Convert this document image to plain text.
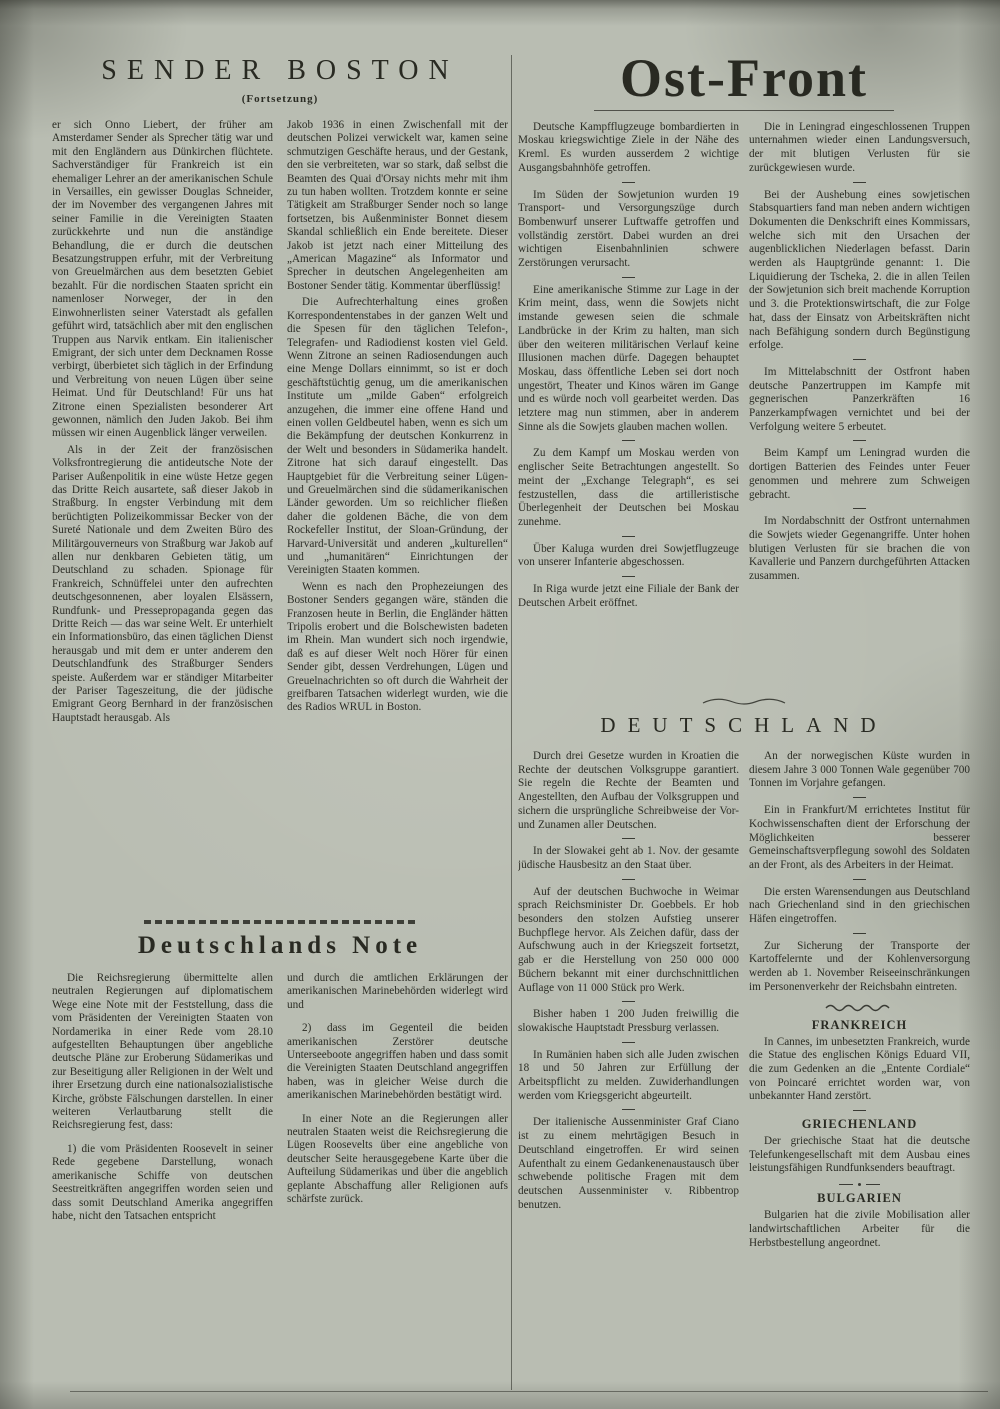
SENDER BOSTON
(Fortsetzung)

er sich Onno Liebert, der früher am Amsterdamer Sender als Sprecher tätig war und mit den Engländern aus Dünkirchen flüchtete. Sachverständiger für Frankreich ist ein ehemaliger Lehrer an der amerikanischen Schule in Versailles, ein gewisser Douglas Schneider, der im November des vergangenen Jahres mit seiner Familie in die Vereinigten Staaten zurückkehrte und nun die anständige Behandlung, die er durch die deutschen Besatzungstruppen erfuhr, mit der Verbreitung von Greuelmärchen aus dem besetzten Gebiet bezahlt. Für die nordischen Staaten spricht ein namenloser Norweger, der in den Einwohnerlisten seiner Vaterstadt als gefallen geführt wird, tatsächlich aber mit den englischen Truppen aus Narvik entkam. Ein italienischer Emigrant, der sich unter dem Decknamen Rosse verbirgt, überbietet sich täglich in der Erfindung und Verbreitung von neuen Lügen über seine Heimat. Und für Deutschland! Für uns hat Zitrone einen Spezialisten besonderer Art gewonnen, nämlich den Juden Jakob. Bei ihm müssen wir einen Augenblick länger verweilen.

Als in der Zeit der französischen Volksfrontregierung die antideutsche Note der Pariser Außenpolitik in eine wüste Hetze gegen das Dritte Reich ausartete, saß dieser Jakob in Straßburg. In engster Verbindung mit dem berüchtigten Polizeikommissar Becker von der Sureté Nationale und dem Zweiten Büro des Militärgouverneurs von Straßburg war Jakob auf allen nur denkbaren Gebieten tätig, um Deutschland zu schaden. Spionage für Frankreich, Schnüffelei unter den aufrechten deutschgesonnenen, aber loyalen Elsässern, Rundfunk- und Pressepropaganda gegen das Dritte Reich — das war seine Welt. Er unterhielt ein Informationsbüro, das einen täglichen Dienst herausgab und mit dem er unter anderem den Deutschlandfunk des Straßburger Senders speiste. Außerdem war er ständiger Mitarbeiter der Pariser Tageszeitung, die der jüdische Emigrant Georg Bernhard in der französischen Hauptstadt herausgab. Als

Jakob 1936 in einen Zwischenfall mit der deutschen Polizei verwickelt war, kamen seine schmutzigen Geschäfte heraus, und der Gestank, den sie verbreiteten, war so stark, daß selbst die Beamten des Quai d'Orsay nichts mehr mit ihm zu tun haben wollten. Trotzdem konnte er seine Tätigkeit am Straßburger Sender noch so lange fortsetzen, bis Außenminister Bonnet diesem Skandal schließlich ein Ende bereitete. Dieser Jakob ist jetzt nach einer Mitteilung des „American Magazine“ als Informator und Sprecher in deutschen Angelegenheiten am Bostoner Sender tätig. Kommentar überflüssig!

Die Aufrechterhaltung eines großen Korrespondentenstabes in der ganzen Welt und die Spesen für den täglichen Telefon-, Telegrafen- und Radiodienst kosten viel Geld. Wenn Zitrone an seinen Radiosendungen auch eine Menge Dollars einnimmt, so ist er doch geschäftstüchtig genug, um die amerikanischen Institute um „milde Gaben“ erfolgreich anzugehen, die immer eine offene Hand und einen vollen Geldbeutel haben, wenn es sich um die Bekämpfung der deutschen Konkurrenz in der Welt und besonders in Südamerika handelt. Zitrone hat sich darauf eingestellt. Das Hauptgebiet für die Verbreitung seiner Lügen- und Greuelmärchen sind die südamerikanischen Länder geworden. Um so reichlicher fließen daher die goldenen Bäche, die von dem Rockefeller Institut, der Sloan-Gründung, der Harvard-Universität und anderen „kulturellen“ und „humanitären“ Einrichtungen der Vereinigten Staaten kommen.

Wenn es nach den Prophezeiungen des Bostoner Senders gegangen wäre, ständen die Franzosen heute in Berlin, die Engländer hätten Tripolis erobert und die Bolschewisten badeten im Rhein. Man wundert sich noch irgendwie, daß es auf dieser Welt noch Hörer für einen Sender gibt, dessen Verdrehungen, Lügen und Greuelnachrichten so oft durch die Wahrheit der greifbaren Tatsachen widerlegt wurden, wie die des Radios WRUL in Boston.

Ost-Front

Deutsche Kampfflugzeuge bombardierten in Moskau kriegswichtige Ziele in der Nähe des Kreml. Es wurden ausserdem 2 wichtige Ausgangsbahnhöfe getroffen.

Im Süden der Sowjetunion wurden 19 Transport- und Versorgungszüge durch Bombenwurf unserer Luftwaffe getroffen und vollständig zerstört. Dabei wurden an drei wichtigen Eisenbahnlinien schwere Zerstörungen verursacht.

Eine amerikanische Stimme zur Lage in der Krim meint, dass, wenn die Sowjets nicht imstande gewesen seien die schmale Landbrücke in der Krim zu halten, man sich über den weiteren militärischen Verlauf keine Illusionen machen dürfe. Dagegen behauptet Moskau, dass öffentliche Leben sei dort noch ungestört, Theater und Kinos wären im Gange und es würde noch voll gearbeitet werden. Das letztere mag nun stimmen, aber in anderem Sinne als die Sowjets glauben machen wollen.

Zu dem Kampf um Moskau werden von englischer Seite Betrachtungen angestellt. So meint der „Exchange Telegraph“, es sei festzustellen, dass die artilleristische Überlegenheit der Deutschen bei Moskau zunehme.

Über Kaluga wurden drei Sowjetflugzeuge von unserer Infanterie abgeschossen.

In Riga wurde jetzt eine Filiale der Bank der Deutschen Arbeit eröffnet.

Die in Leningrad eingeschlossenen Truppen unternahmen wieder einen Landungsversuch, der mit blutigen Verlusten für sie zurückgewiesen wurde.

Bei der Aushebung eines sowjetischen Stabsquartiers fand man neben andern wichtigen Dokumenten die Denkschrift eines Kommissars, welche sich mit den Ursachen der augenblicklichen Niederlagen befasst. Darin werden als Hauptgründe genannt: 1. Die Liquidierung der Tscheka, 2. die in allen Teilen der Sowjetunion sich breit machende Korruption und 3. die Protektionswirtschaft, die zur Folge hat, dass der Einsatz von Arbeitskräften nicht nach Befähigung sondern durch Begünstigung erfolge.

Im Mittelabschnitt der Ostfront haben deutsche Panzertruppen im Kampfe mit gegnerischen Panzerkräften 16 Panzerkampfwagen vernichtet und bei der Verfolgung weitere 5 erbeutet.

Beim Kampf um Leningrad wurden die dortigen Batterien des Feindes unter Feuer genommen und mehrere zum Schweigen gebracht.

Im Nordabschnitt der Ostfront unternahmen die Sowjets wieder Gegenangriffe. Unter hohen blutigen Verlusten für sie brachen die von Kavallerie und Panzern durchgeführten Attacken zusammen.

DEUTSCHLAND

Durch drei Gesetze wurden in Kroatien die Rechte der deutschen Volksgruppe garantiert. Sie regeln die Rechte der Beamten und Angestellten, den Aufbau der Volksgruppen und sichern die ursprüngliche Schreibweise der Vor- und Zunamen aller Deutschen.

In der Slowakei geht ab 1. Nov. der gesamte jüdische Hausbesitz an den Staat über.

Auf der deutschen Buchwoche in Weimar sprach Reichsminister Dr. Goebbels. Er hob besonders den stolzen Aufstieg unserer Buchpflege hervor. Als Zeichen dafür, dass der Aufschwung auch in der Kriegszeit fortsetzt, gab er die Herstellung von 250 000 000 Büchern bekannt mit einer durchschnittlichen Auflage von 11 000 Stück pro Werk.

Bisher haben 1 200 Juden freiwillig die slowakische Hauptstadt Pressburg verlassen.

In Rumänien haben sich alle Juden zwischen 18 und 50 Jahren zur Erfüllung der Arbeitspflicht zu melden. Zuwiderhandlungen werden vom Kriegsgericht abgeurteilt.

Der italienische Aussenminister Graf Ciano ist zu einem mehrtägigen Besuch in Deutschland eingetroffen. Er wird seinen Aufenthalt zu einem Gedankenenaustausch über schwebende politische Fragen mit dem deutschen Aussenminister v. Ribbentrop benutzen.

An der norwegischen Küste wurden in diesem Jahre 3 000 Tonnen Wale gegenüber 700 Tonnen im Vorjahre gefangen.

Ein in Frankfurt/M errichtetes Institut für Kochwissenschaften dient der Erforschung der Möglichkeiten besserer Gemeinschaftsverpflegung sowohl des Soldaten an der Front, als des Arbeiters in der Heimat.

Die ersten Warensendungen aus Deutschland nach Griechenland sind in den griechischen Häfen eingetroffen.

Zur Sicherung der Transporte der Kartoffelernte und der Kohlenversorgung werden ab 1. November Reiseeinschränkungen im Personenverkehr der Reichsbahn eintreten.

FRANKREICH

In Cannes, im unbesetzten Frankreich, wurde die Statue des englischen Königs Eduard VII, die zum Gedenken an die „Entente Cordiale“ von Poincaré errichtet worden war, von unbekannter Hand zerstört.

GRIECHENLAND

Der griechische Staat hat die deutsche Telefunkengesellschaft mit dem Ausbau eines leistungsfähigen Rundfunksenders beauftragt.

BULGARIEN

Bulgarien hat die zivile Mobilisation aller landwirtschaftlichen Arbeiter für die Herbstbestellung angeordnet.

Deutschlands Note

Die Reichsregierung übermittelte allen neutralen Regierungen auf diplomatischem Wege eine Note mit der Feststellung, dass die vom Präsidenten der Vereinigten Staaten von Nordamerika in einer Rede vom 28.10 aufgestellten Behauptungen über angebliche deutsche Pläne zur Eroberung Südamerikas und zur Beseitigung aller Religionen in der Welt und ihrer Ersetzung durch eine nationalsozialistische Kirche, gröbste Fälschungen darstellen. In einer weiteren Verlautbarung stellt die Reichsregierung fest, dass:

1) die vom Präsidenten Roosevelt in seiner Rede gegebene Darstellung, wonach amerikanische Schiffe von deutschen Seestreitkräften angegriffen worden seien und dass somit Deutschland Amerika angegriffen habe, nicht den Tatsachen entspricht

und durch die amtlichen Erklärungen der amerikanischen Marinebehörden widerlegt wird und

2) dass im Gegenteil die beiden amerikanischen Zerstörer deutsche Unterseeboote angegriffen haben und dass somit die Vereinigten Staaten Deutschland angegriffen haben, was in gleicher Weise durch die amerikanischen Marinebehörden bestätigt wird.

In einer Note an die Regierungen aller neutralen Staaten weist die Reichsregierung die Lügen Roosevelts über eine angebliche von deutscher Seite herausgegebene Karte über die Aufteilung Südamerikas und über die angeblich geplante Abschaffung aller Religionen aufs schärfste zurück.
